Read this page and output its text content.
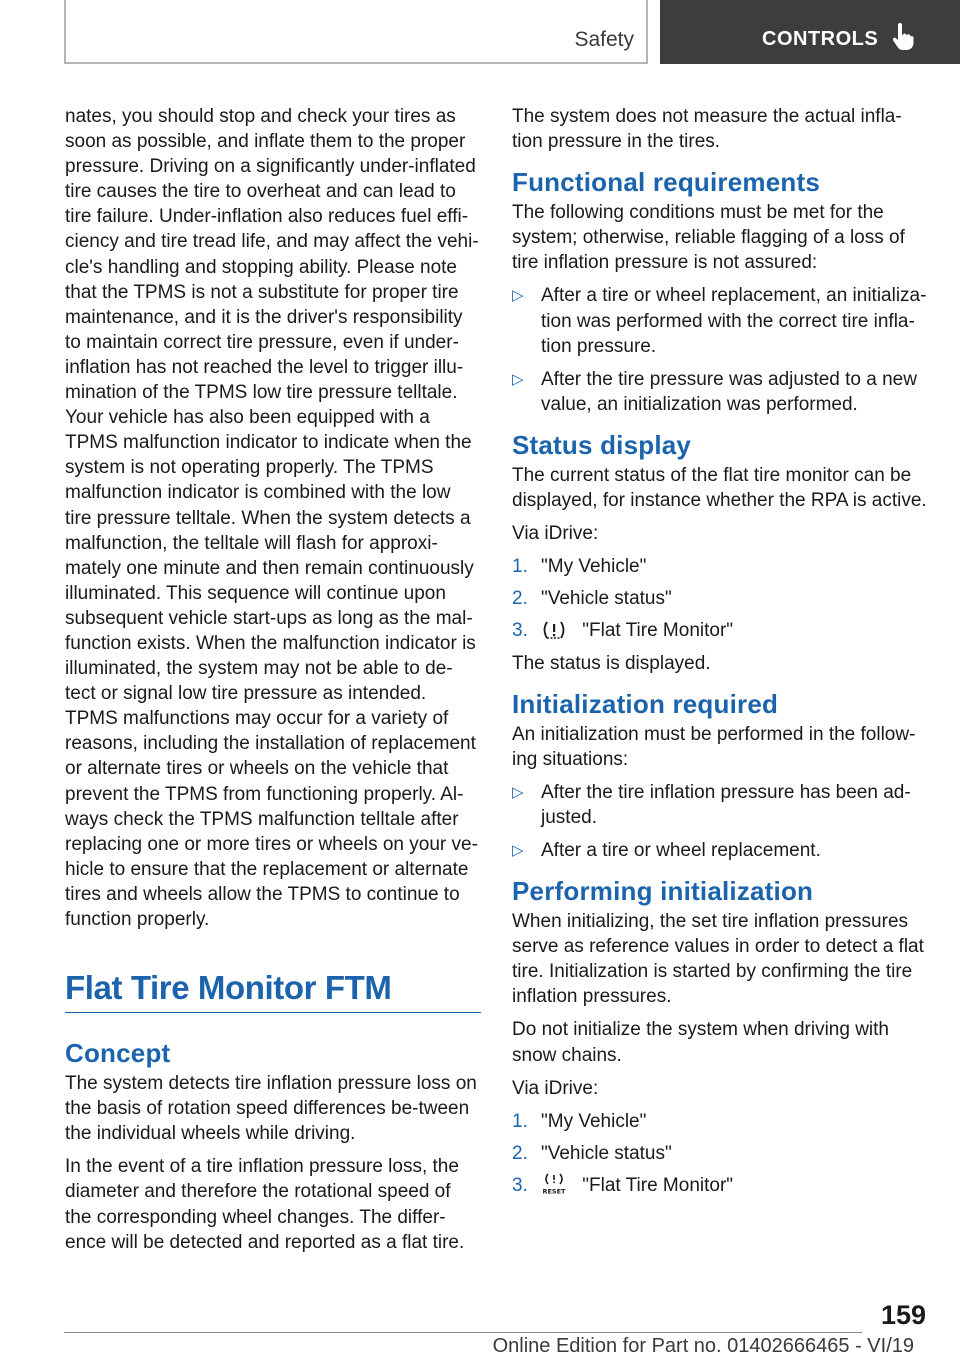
Safety	CONTROLS

nates, you should stop and check your tires as soon as possible, and inflate them to the proper pressure. Driving on a significantly under-inflated tire causes the tire to overheat and can lead to tire failure. Under-inflation also reduces fuel effi-ciency and tire tread life, and may affect the vehi-cle's handling and stopping ability. Please note that the TPMS is not a substitute for proper tire maintenance, and it is the driver's responsibility to maintain correct tire pressure, even if under-inflation has not reached the level to trigger illu-mination of the TPMS low tire pressure telltale. Your vehicle has also been equipped with a TPMS malfunction indicator to indicate when the system is not operating properly. The TPMS malfunction indicator is combined with the low tire pressure telltale. When the system detects a malfunction, the telltale will flash for approxi-mately one minute and then remain continuously illuminated. This sequence will continue upon subsequent vehicle start-ups as long as the mal-function exists. When the malfunction indicator is illuminated, the system may not be able to de-tect or signal low tire pressure as intended. TPMS malfunctions may occur for a variety of reasons, including the installation of replacement or alternate tires or wheels on the vehicle that prevent the TPMS from functioning properly. Al-ways check the TPMS malfunction telltale after replacing one or more tires or wheels on your ve-hicle to ensure that the replacement or alternate tires and wheels allow the TPMS to continue to function properly.

Flat Tire Monitor FTM
Concept

The system detects tire inflation pressure loss on the basis of rotation speed differences be-tween the individual wheels while driving.

In the event of a tire inflation pressure loss, the diameter and therefore the rotational speed of the corresponding wheel changes. The differ-ence will be detected and reported as a flat tire.

The system does not measure the actual infla-tion pressure in the tires.

Functional requirements

The following conditions must be met for the system; otherwise, reliable flagging of a loss of tire inflation pressure is not assured:

▷ After a tire or wheel replacement, an initializa-tion was performed with the correct tire infla-tion pressure.
▷ After the tire pressure was adjusted to a new value, an initialization was performed.
Status display

The current status of the flat tire monitor can be displayed, for instance whether the RPA is active.

Via iDrive:

1. "My Vehicle"
2. "Vehicle status"
3.	"Flat Tire Monitor"

The status is displayed.

Initialization required

An initialization must be performed in the follow-ing situations:

▷ After the tire inflation pressure has been ad-justed.
▷ After a tire or wheel replacement.
Performing initialization

When initializing, the set tire inflation pressures serve as reference values in order to detect a flat tire. Initialization is started by confirming the tire inflation pressures.

Do not initialize the system when driving with snow chains.

Via iDrive:

1. "My Vehicle"
2. "Vehicle status"
3. RESET "Flat Tire Monitor"
159
Online Edition for Part no. 01402666465 - VI/19
